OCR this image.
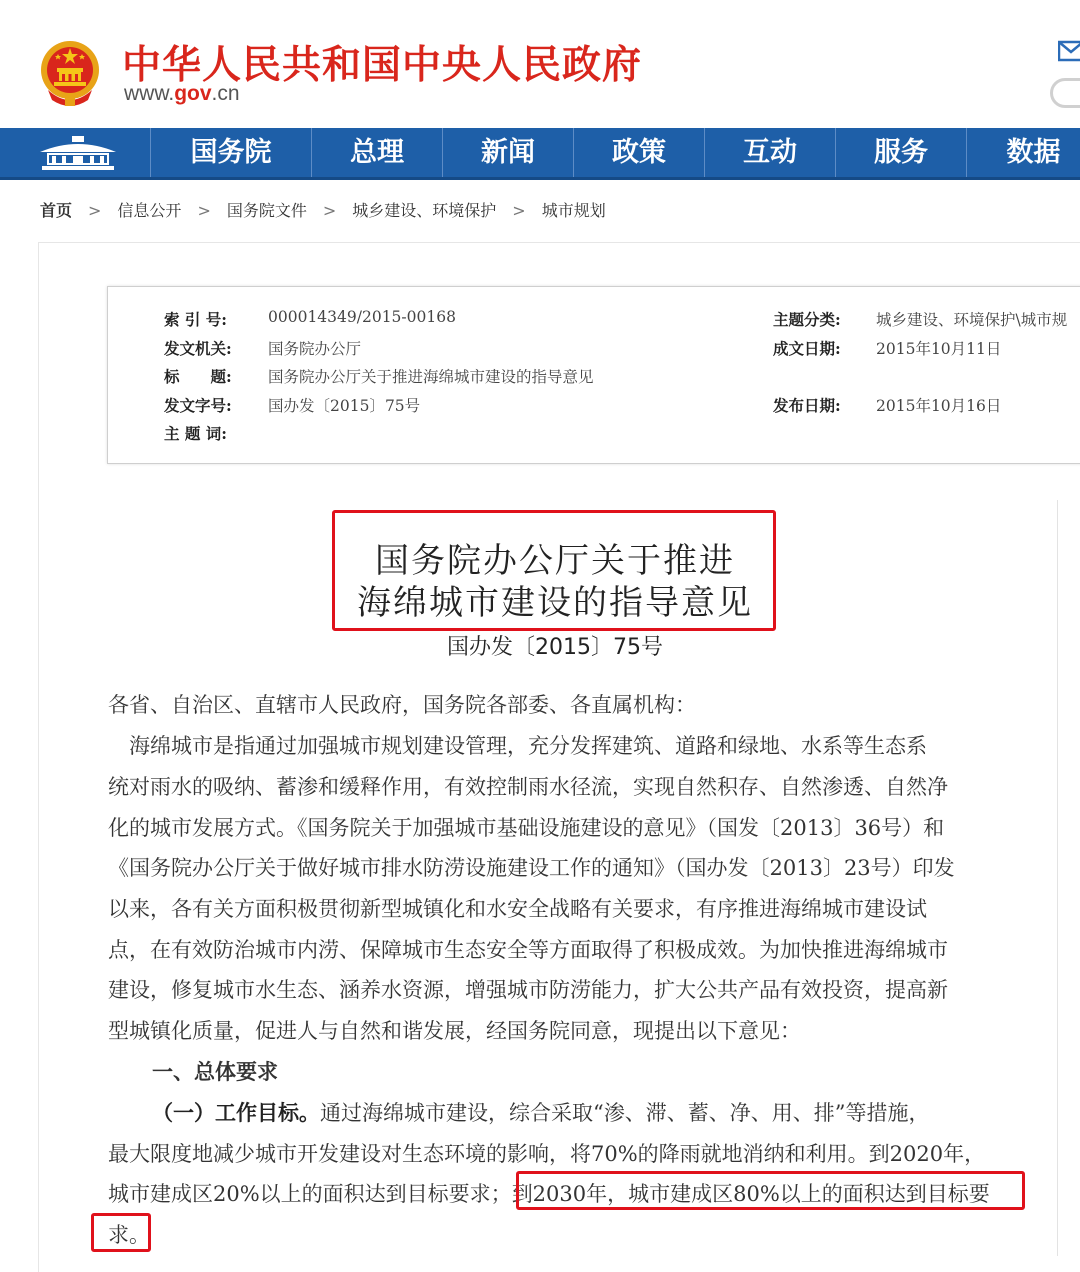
中华人民共和国中央人民政府
www.gov.cn
国务院	总理	新闻	政策	互动	服务	数据
首页 > 信息公开 > 国务院文件 > 城乡建设、环境保护 > 城市规划
索 引 号:	000014349/2015-00168
发文机关: 国务院办公厅
标　　题: 国务院办公厅关于推进海绵城市建设的指导意见
发文字号: 国办发〔2015〕75号
主 题 词:
主题分类: 城乡建设、环境保护\城市规
成文日期: 2015年10月11日
发布日期: 2015年10月16日
国务院办公厅关于推进
海绵城市建设的指导意见
国办发〔2015〕75号
各省、自治区、直辖市人民政府，国务院各部委、各直属机构：
　海绵城市是指通过加强城市规划建设管理，充分发挥建筑、道路和绿地、水系等生态系
统对雨水的吸纳、蓄渗和缓释作用，有效控制雨水径流，实现自然积存、自然渗透、自然净
化的城市发展方式。《国务院关于加强城市基础设施建设的意见》（国发〔2013〕36号）和
《国务院办公厅关于做好城市排水防涝设施建设工作的通知》（国办发〔2013〕23号）印发
以来，各有关方面积极贯彻新型城镇化和水安全战略有关要求，有序推进海绵城市建设试
点，在有效防治城市内涝、保障城市生态安全等方面取得了积极成效。为加快推进海绵城市
建设，修复城市水生态、涵养水资源，增强城市防涝能力，扩大公共产品有效投资，提高新
型城镇化质量，促进人与自然和谐发展，经国务院同意，现提出以下意见：
一、总体要求
（一）工作目标。通过海绵城市建设，综合采取“渗、滞、蓄、净、用、排”等措施，
最大限度地减少城市开发建设对生态环境的影响，将70%的降雨就地消纳和利用。到2020年，
城市建成区20%以上的面积达到目标要求；到2030年，城市建成区80%以上的面积达到目标要
求。
